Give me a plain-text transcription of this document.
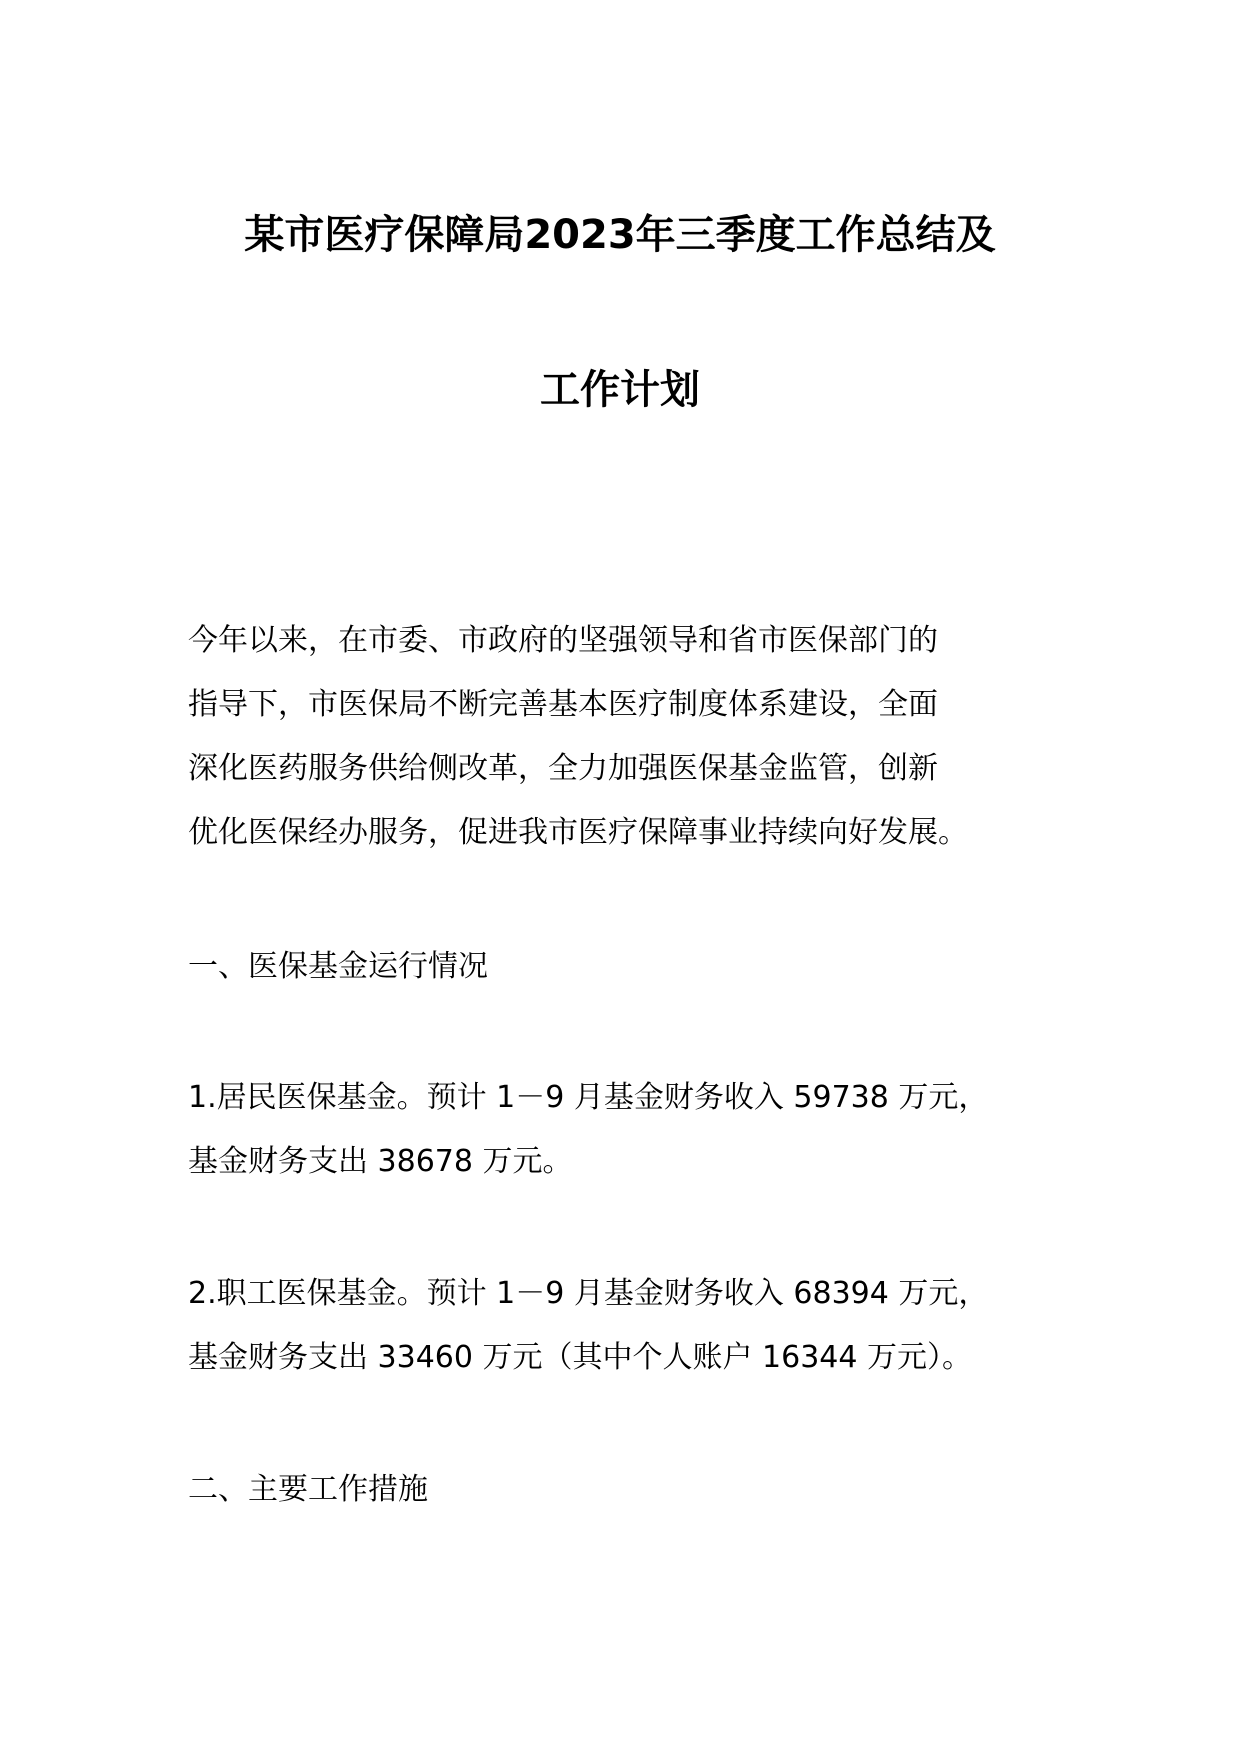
某市医疗保障局2023年三季度工作总结及
工作计划
今年以来，在市委、市政府的坚强领导和省市医保部门的
指导下，市医保局不断完善基本医疗制度体系建设，全面
深化医药服务供给侧改革，全力加强医保基金监管，创新
优化医保经办服务，促进我市医疗保障事业持续向好发展。
一、医保基金运行情况
1.居民医保基金。预计 1－9 月基金财务收入 59738 万元，
基金财务支出 38678 万元。
2.职工医保基金。预计 1－9 月基金财务收入 68394 万元，
基金财务支出 33460 万元（其中个人账户 16344 万元）。
二、主要工作措施
